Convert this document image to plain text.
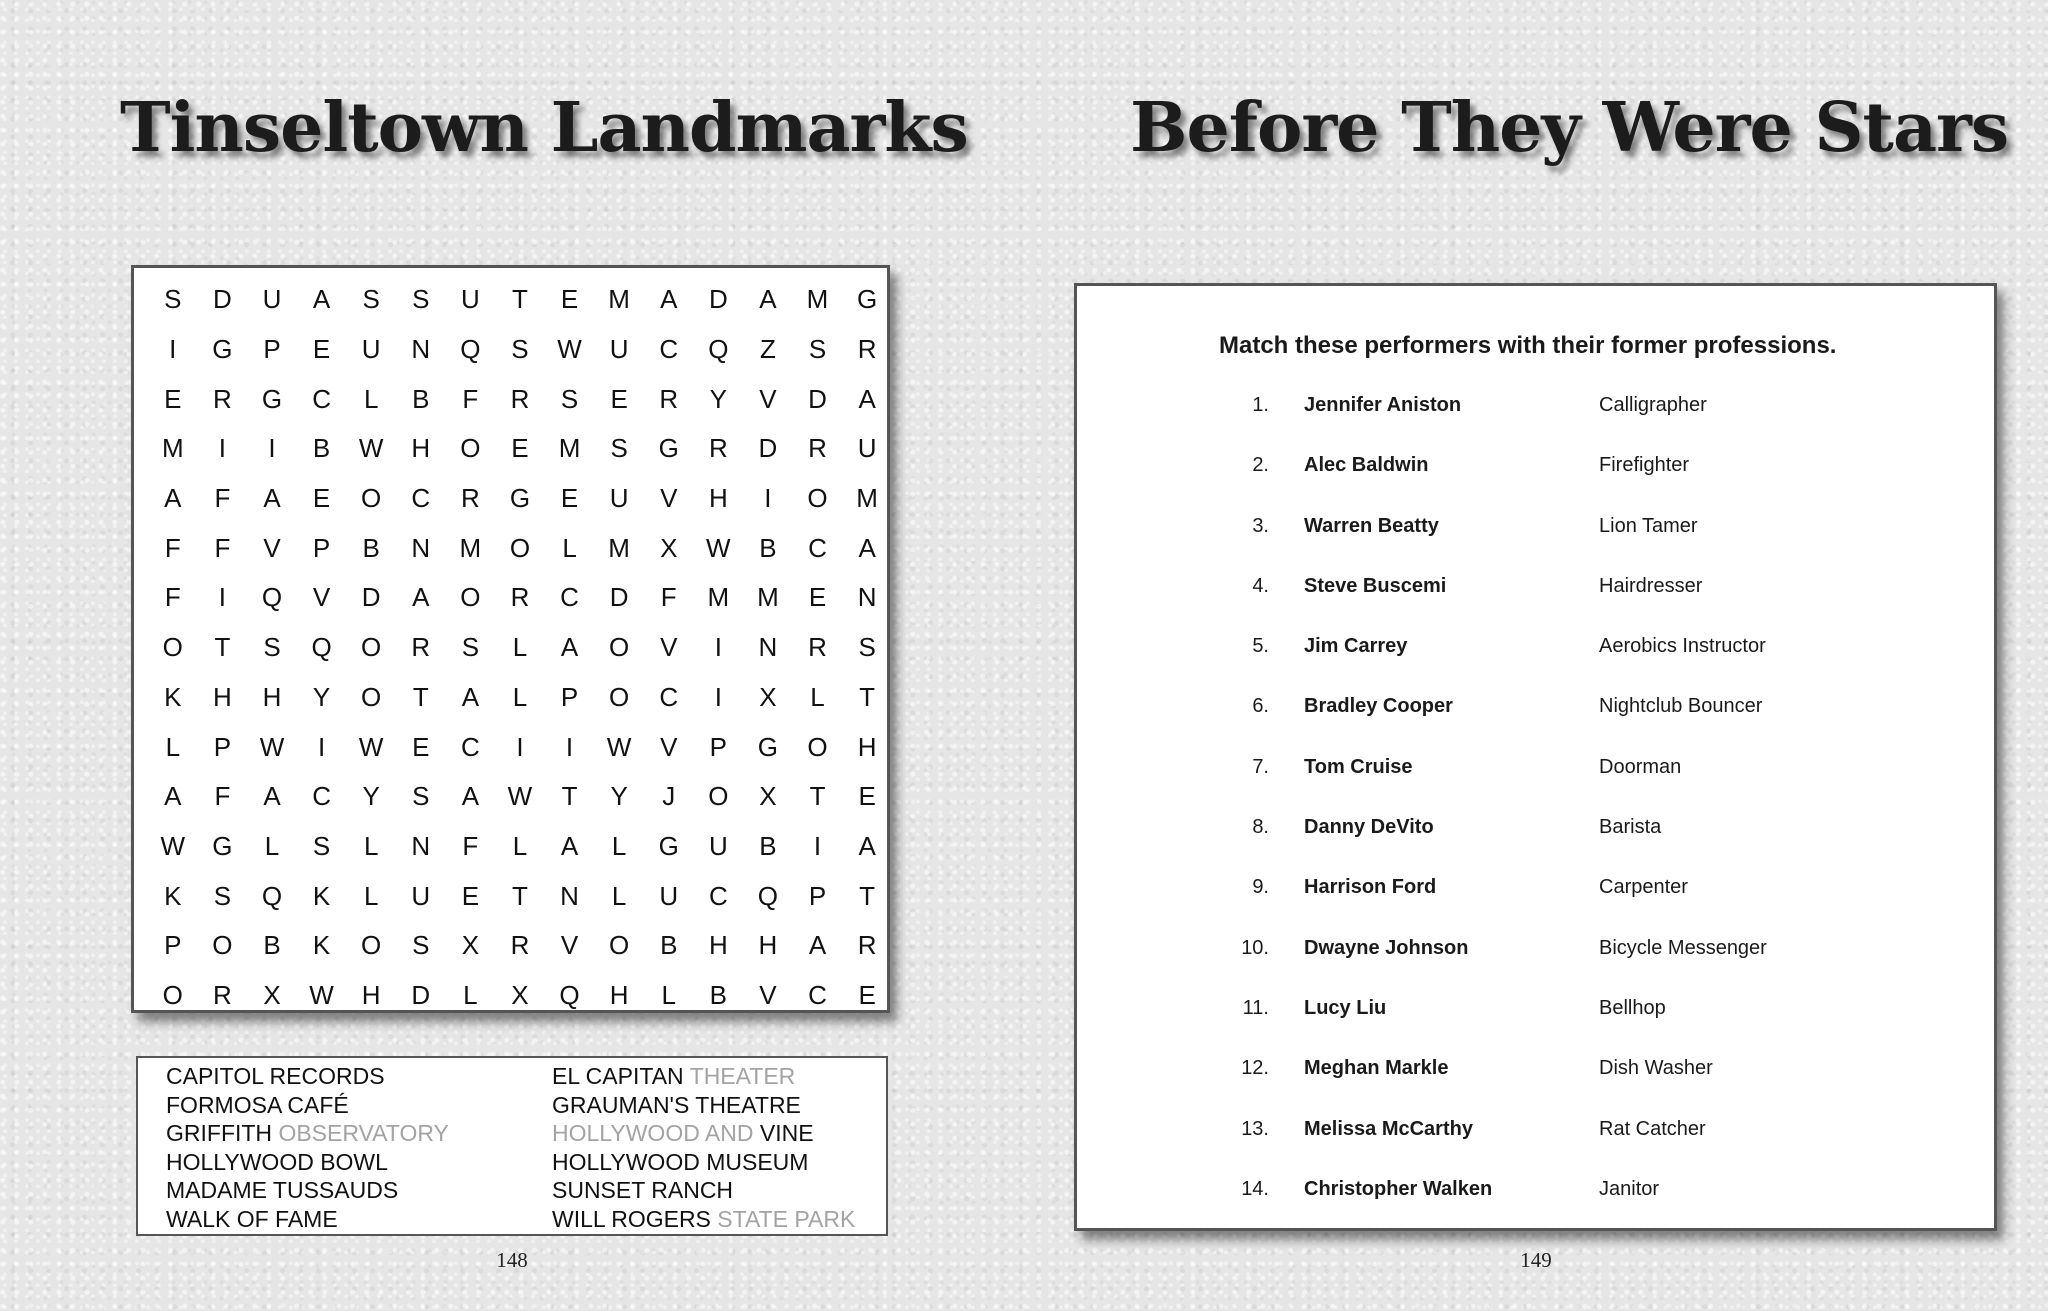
Tinseltown Landmarks Before They Were Stars
S	D	U	A	S	S	U	T	E	M	A	D	A	M	G
I	G	P	E	U	N	Q	S	W	U	C	Q	Z	S	R
E	R	G	C	L	B	F	R	S	E	R	Y	V	D	A
M	I	I	B	W	H	O	E	M	S	G	R	D	R	U
A	F	A	E	O	C	R	G	E	U	V	H	I	O	M
F	F	V	P	B	N	M	O	L	M	X	W	B	C	A
F	I	Q	V	D	A	O	R	C	D	F	M	M	E	N
O	T	S	Q	O	R	S	L	A	O	V	I	N	R	S
K	H	H	Y	O	T	A	L	P	O	C	I	X	L	T
L	P	W	I	W	E	C	I	I	W	V	P	G	O	H
A	F	A	C	Y	S	A	W	T	Y	J	O	X	T	E
W	G	L	S	L	N	F	L	A	L	G	U	B	I	A
K	S	Q	K	L	U	E	T	N	L	U	C	Q	P	T
P	O	B	K	O	S	X	R	V	O	B	H	H	A	R
O	R	X	W	H	D	L	X	Q	H	L	B	V	C	E
CAPITOL RECORDS
FORMOSA CAFÉ
GRIFFITH OBSERVATORY
HOLLYWOOD BOWL
MADAME TUSSAUDS
WALK OF FAME
EL CAPITAN THEATER
GRAUMAN'S THEATRE
HOLLYWOOD AND VINE
HOLLYWOOD MUSEUM
SUNSET RANCH
WILL ROGERS STATE PARK
148	149

Match these performers with their former professions.

1. Jennifer Aniston	Calligrapher
2. Alec Baldwin	Firefighter
3. Warren Beatty	Lion Tamer
4. Steve Buscemi	Hairdresser
5. Jim Carrey	Aerobics Instructor
6. Bradley Cooper	Nightclub Bouncer
7. Tom Cruise	Doorman
8. Danny DeVito	Barista
9. Harrison Ford	Carpenter
10. Dwayne Johnson	Bicycle Messenger
11. Lucy Liu	Bellhop
12. Meghan Markle	Dish Washer
13. Melissa McCarthy	Rat Catcher
14. Christopher Walken	Janitor
